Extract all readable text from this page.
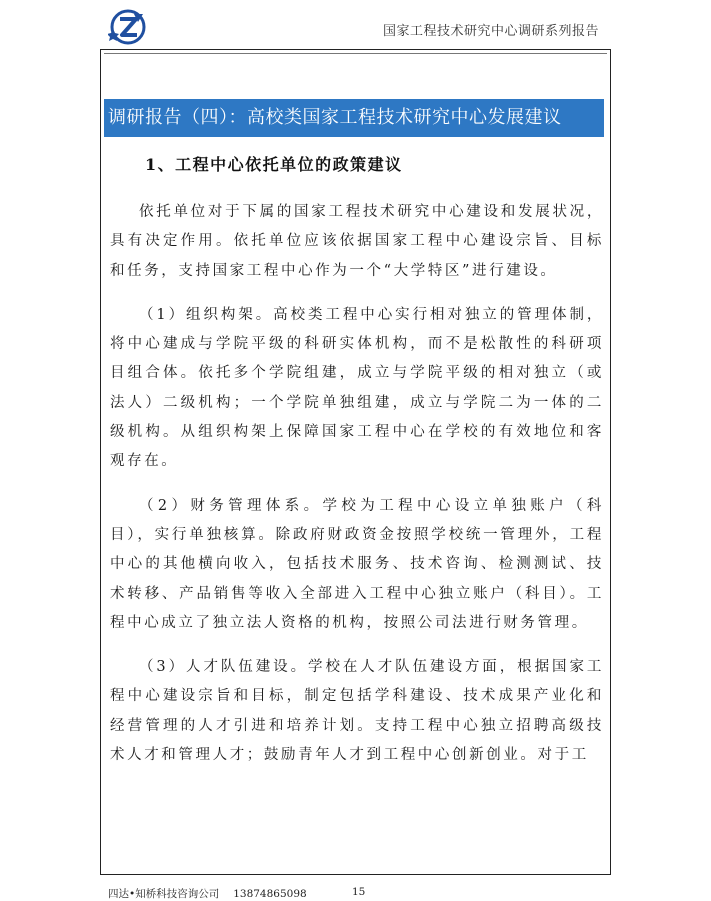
国家工程技术研究中心调研系列报告
调研报告（四）：高校类国家工程技术研究中心发展建议
1、工程中心依托单位的政策建议

依托单位对于下属的国家工程技术研究中心建设和发展状况，具有决定作用。依托单位应该依据国家工程中心建设宗旨、目标和任务，支持国家工程中心作为一个“大学特区”进行建设。

（1）组织构架。高校类工程中心实行相对独立的管理体制，将中心建成与学院平级的科研实体机构，而不是松散性的科研项目组合体。依托多个学院组建，成立与学院平级的相对独立（或法人）二级机构；一个学院单独组建，成立与学院二为一体的二级机构。从组织构架上保障国家工程中心在学校的有效地位和客观存在。

（2）财务管理体系。学校为工程中心设立单独账户（科目），实行单独核算。除政府财政资金按照学校统一管理外，工程中心的其他横向收入，包括技术服务、技术咨询、检测测试、技术转移、产品销售等收入全部进入工程中心独立账户（科目）。工程中心成立了独立法人资格的机构，按照公司法进行财务管理。

（3）人才队伍建设。学校在人才队伍建设方面，根据国家工程中心建设宗旨和目标，制定包括学科建设、技术成果产业化和经营管理的人才引进和培养计划。支持工程中心独立招聘高级技术人才和管理人才；鼓励青年人才到工程中心创新创业。对于工

四达•知桥科技咨询公司 13874865098	15
